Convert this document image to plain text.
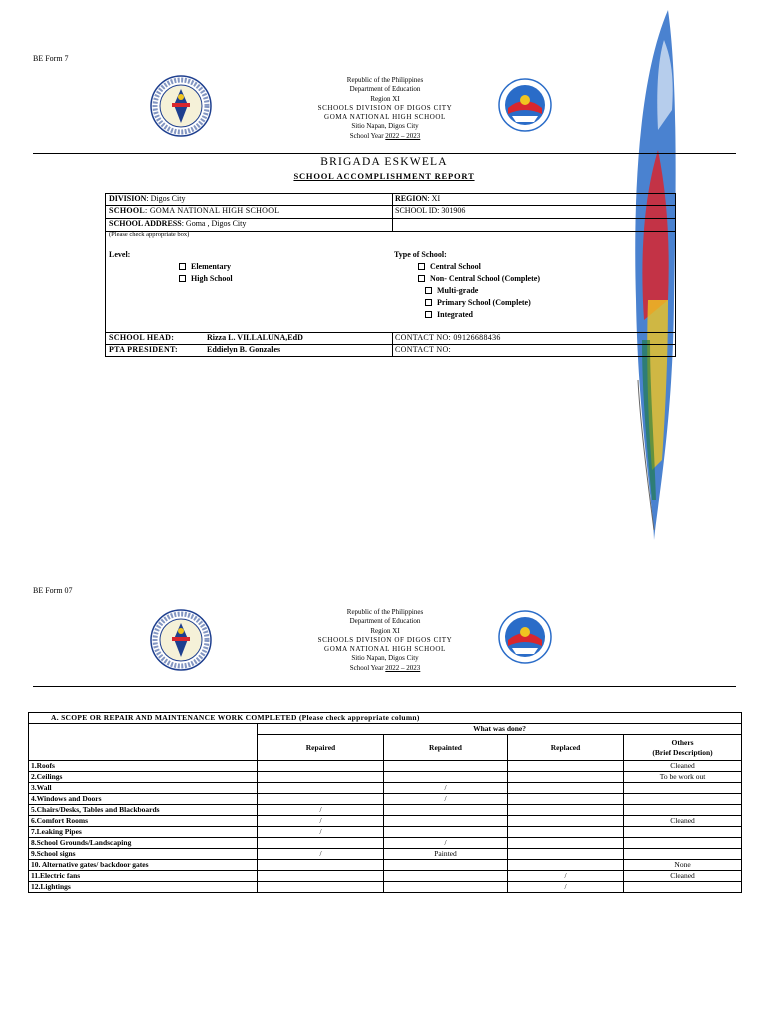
BE Form 7
Republic of the Philippines
Department of Education
Region XI
SCHOOLS DIVISION OF DIGOS CITY
GOMA NATIONAL HIGH SCHOOL
Sitio Napan, Digos City
School Year 2022 – 2023
BRIGADA ESKWELA
SCHOOL ACCOMPLISHMENT REPORT
DIVISION: Digos City	REGION: XI
SCHOOL: GOMA NATIONAL HIGH SCHOOL	SCHOOL ID: 301906
SCHOOL ADDRESS: Goma , Digos City
(Please check appropriate box)
Level:
Elementary
High School
Type of School:
Central School
Non- Central School (Complete)
Multi-grade
Primary School (Complete)
Integrated
SCHOOL HEAD:	Rizza L. VILLALUNA,EdD	CONTACT NO: 09126688436
PTA PRESIDENT:	Eddielyn B. Gonzales	CONTACT NO:
BE Form 07
Republic of the Philippines
Department of Education
Region XI
SCHOOLS DIVISION OF DIGOS CITY
GOMA NATIONAL HIGH SCHOOL
Sitio Napan, Digos City
School Year 2022 – 2023
A. SCOPE OR REPAIR AND MAINTENANCE WORK COMPLETED (Please check appropriate column)				
	What was done?			
	Repaired	Repainted	Replaced	Others
(Brief Description)

1.Roofs				Cleaned
2.Ceilings				To be work out
3.Wall		/		
4.Windows and Doors		/		
5.Chairs/Desks, Tables and Blackboards	/			
6.Comfort Rooms	/			Cleaned
7.Leaking Pipes	/			
8.School Grounds/Landscaping		/		
9.School signs	/	Painted		
10. Alternative gates/ backdoor gates				None
11.Electric fans			/	Cleaned
12.Lightings			/	
